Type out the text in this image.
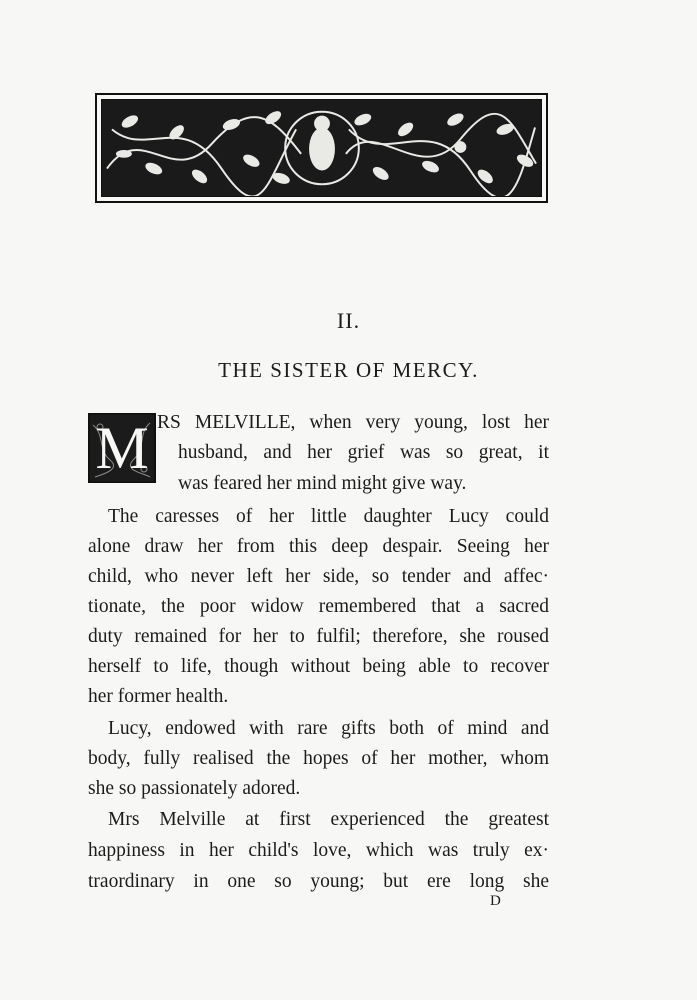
II.
THE SISTER OF MERCY.
M RS MELVILLE, when very young, lost her
husband, and her grief was so great, it
was feared her mind might give way.
The caresses of her little daughter Lucy could
alone draw her from this deep despair. Seeing her
child, who never left her side, so tender and affec·
tionate, the poor widow remembered that a sacred
duty remained for her to fulfil; therefore, she roused
herself to life, though without being able to recover
her former health.
Lucy, endowed with rare gifts both of mind and
body, fully realised the hopes of her mother, whom
she so passionately adored.
Mrs Melville at first experienced the greatest
happiness in her child's love, which was truly ex·
traordinary in one so young; but ere long she
D
